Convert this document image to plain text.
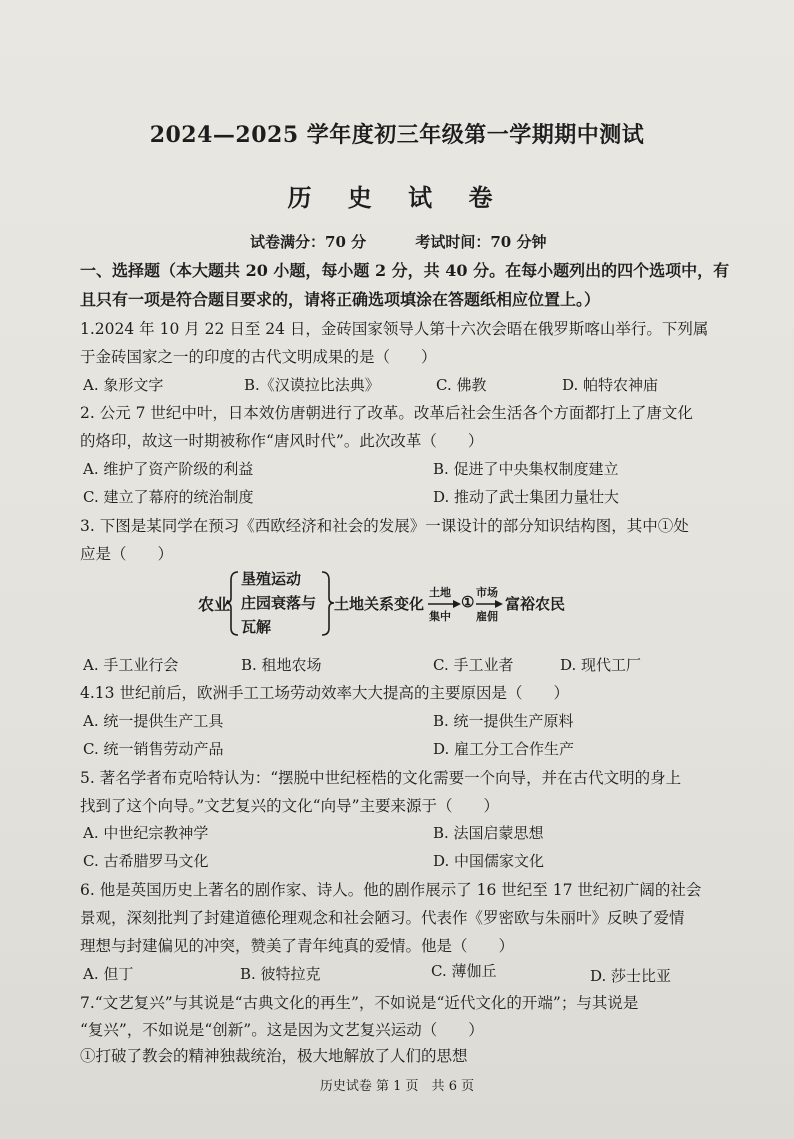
2024—2025 学年度初三年级第一学期期中测试
历 史 试 卷
试卷满分：70 分	考试时间：70 分钟
一、选择题（本大题共 20 小题，每小题 2 分，共 40 分。在每小题列出的四个选项中，有
且只有一项是符合题目要求的，请将正确选项填涂在答题纸相应位置上。）
1.2024 年 10 月 22 日至 24 日，金砖国家领导人第十六次会晤在俄罗斯喀山举行。下列属
于金砖国家之一的印度的古代文明成果的是（　　）
A. 象形文字	B.《汉谟拉比法典》	C. 佛教	D. 帕特农神庙
2. 公元 7 世纪中叶，日本效仿唐朝进行了改革。改革后社会生活各个方面都打上了唐文化
的烙印，故这一时期被称作“唐风时代”。此次改革（　　）
A. 维护了资产阶级的利益	B. 促进了中央集权制度建立
C. 建立了幕府的统治制度	D. 推动了武士集团力量壮大
3. 下图是某同学在预习《西欧经济和社会的发展》一课设计的部分知识结构图，其中①处
应是（　　）
农业
垦殖运动
庄园衰落与
瓦解
土地关系变化
土地
集中
①
市场
雇佣
富裕农民
A. 手工业行会	B. 租地农场	C. 手工业者	D. 现代工厂
4.13 世纪前后，欧洲手工工场劳动效率大大提高的主要原因是（　　）
A. 统一提供生产工具	B. 统一提供生产原料
C. 统一销售劳动产品	D. 雇工分工合作生产
5. 著名学者布克哈特认为：“摆脱中世纪桎梏的文化需要一个向导，并在古代文明的身上
找到了这个向导。”文艺复兴的文化“向导”主要来源于（　　）
A. 中世纪宗教神学	B. 法国启蒙思想
C. 古希腊罗马文化	D. 中国儒家文化
6. 他是英国历史上著名的剧作家、诗人。他的剧作展示了 16 世纪至 17 世纪初广阔的社会
景观，深刻批判了封建道德伦理观念和社会陋习。代表作《罗密欧与朱丽叶》反映了爱情
理想与封建偏见的冲突，赞美了青年纯真的爱情。他是（　　）
A. 但丁	B. 彼特拉克	C. 薄伽丘	D. 莎士比亚
7.“文艺复兴”与其说是“古典文化的再生”，不如说是“近代文化的开端”；与其说是
“复兴”，不如说是“创新”。这是因为文艺复兴运动（　　）
①打破了教会的精神独裁统治，极大地解放了人们的思想
历史试卷 第 1 页　共 6 页
